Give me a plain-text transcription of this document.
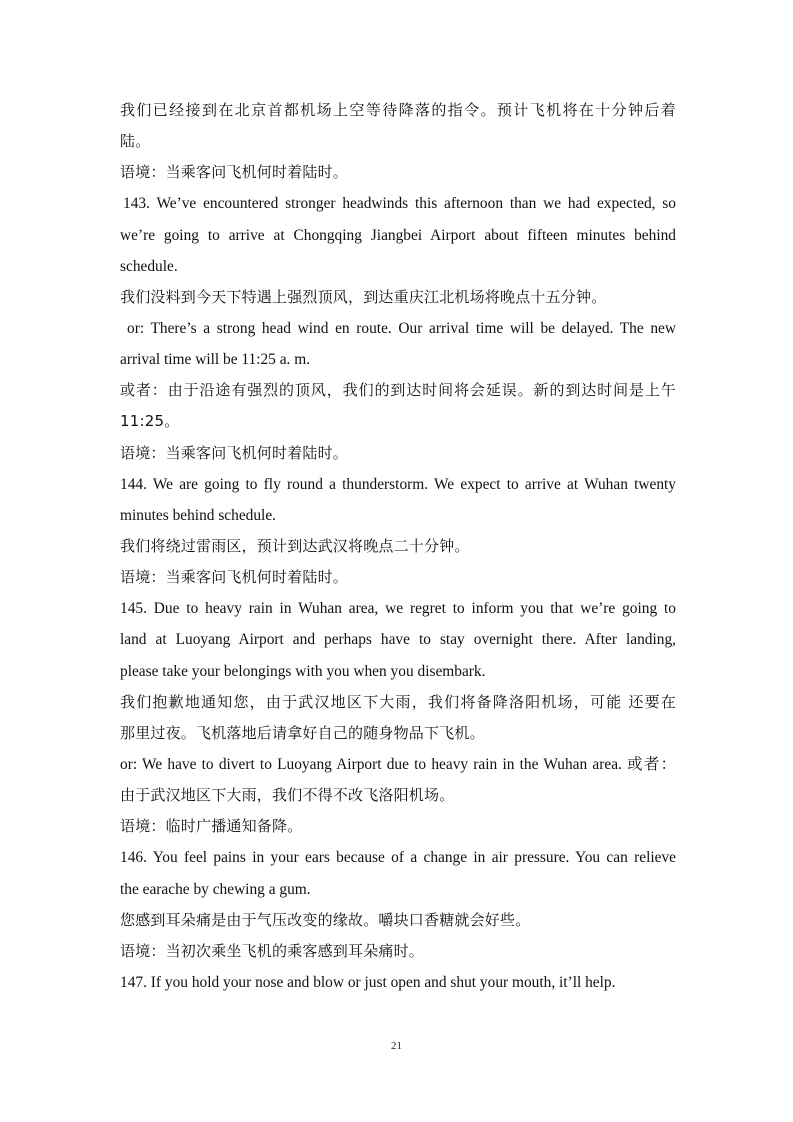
我们已经接到在北京首都机场上空等待降落的指令。预计飞机将在十分钟后着
陆。
语境：当乘客问飞机何时着陆时。
143. We’ve encountered stronger headwinds this afternoon than we had expected, so
we’re going to arrive at Chongqing Jiangbei Airport about fifteen minutes behind
schedule.
我们没料到今天下特遇上强烈顶风，到达重庆江北机场将晚点十五分钟。
or: There’s a strong head wind en route. Our arrival time will be delayed. The new
arrival time will be 11:25 a. m.
或者：由于沿途有强烈的顶风，我们的到达时间将会延误。新的到达时间是上午
11:25。
语境：当乘客问飞机何时着陆时。
144. We are going to fly round a thunderstorm. We expect to arrive at Wuhan twenty
minutes behind schedule.
我们将绕过雷雨区，预计到达武汉将晚点二十分钟。
语境：当乘客问飞机何时着陆时。
145. Due to heavy rain in Wuhan area, we regret to inform you that we’re going to
land at Luoyang Airport and perhaps have to stay overnight there. After landing,
please take your belongings with you when you disembark.
我们抱歉地通知您，由于武汉地区下大雨，我们将备降洛阳机场，可能 还要在
那里过夜。飞机落地后请拿好自己的随身物品下飞机。
or: We have to divert to Luoyang Airport due to heavy rain in the Wuhan area. 或者：
由于武汉地区下大雨，我们不得不改飞洛阳机场。
语境：临时广播通知备降。
146. You feel pains in your ears because of a change in air pressure. You can relieve
the earache by chewing a gum.
您感到耳朵痛是由于气压改变的缘故。嚼块口香糖就会好些。
语境：当初次乘坐飞机的乘客感到耳朵痛时。
147. If you hold your nose and blow or just open and shut your mouth, it’ll help.
21
